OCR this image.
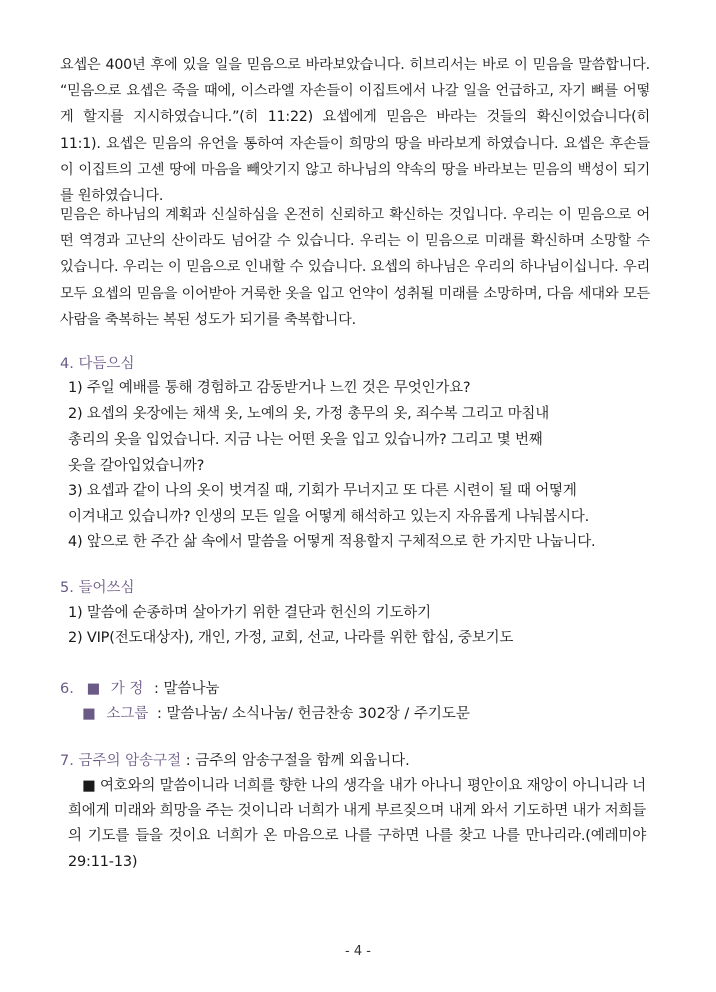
요셉은 400년 후에 있을 일을 믿음으로 바라보았습니다. 히브리서는 바로 이 믿음을 말씀합니다. “믿음으로 요셉은 죽을 때에, 이스라엘 자손들이 이집트에서 나갈 일을 언급하고, 자기 뼈를 어떻게 할지를 지시하였습니다.”(히 11:22) 요셉에게 믿음은 바라는 것들의 확신이었습니다(히 11:1). 요셉은 믿음의 유언을 통하여 자손들이 희망의 땅을 바라보게 하였습니다. 요셉은 후손들이 이집트의 고센 땅에 마음을 빼앗기지 않고 하나님의 약속의 땅을 바라보는 믿음의 백성이 되기를 원하였습니다.
믿음은 하나님의 계획과 신실하심을 온전히 신뢰하고 확신하는 것입니다. 우리는 이 믿음으로 어떤 역경과 고난의 산이라도 넘어갈 수 있습니다. 우리는 이 믿음으로 미래를 확신하며 소망할 수 있습니다. 우리는 이 믿음으로 인내할 수 있습니다. 요셉의 하나님은 우리의 하나님이십니다. 우리 모두 요셉의 믿음을 이어받아 거룩한 옷을 입고 언약이 성취될 미래를 소망하며, 다음 세대와 모든 사람을 축복하는 복된 성도가 되기를 축복합니다.
4. 다듬으심
1) 주일 예배를 통해 경험하고 감동받거나 느낀 것은 무엇인가요?
2) 요셉의 옷장에는 채색 옷, 노예의 옷, 가정 총무의 옷, 죄수복 그리고 마침내
총리의 옷을 입었습니다. 지금 나는 어떤 옷을 입고 있습니까? 그리고 몇 번째
옷을 갈아입었습니까?
3) 요셉과 같이 나의 옷이 벗겨질 때, 기회가 무너지고 또 다른 시련이 될 때 어떻게
이겨내고 있습니까? 인생의 모든 일을 어떻게 해석하고 있는지 자유롭게 나눠봅시다.
4) 앞으로 한 주간 삶 속에서 말씀을 어떻게 적용할지 구체적으로 한 가지만 나눕니다.
5. 들어쓰심
1) 말씀에 순종하며 살아가기 위한 결단과 헌신의 기도하기
2) VIP(전도대상자), 개인, 가정, 교회, 선교, 나라를 위한 합심, 중보기도
6. ■ 가 정 : 말씀나눔
■ 소그룹 : 말씀나눔/ 소식나눔/ 헌금찬송 302장 / 주기도문
7. 금주의 암송구절 : 금주의 암송구절을 함께 외웁니다.
■ 여호와의 말씀이니라 너희를 향한 나의 생각을 내가 아나니 평안이요 재앙이 아니니라 너희에게 미래와 희망을 주는 것이니라 너희가 내게 부르짖으며 내게 와서 기도하면 내가 저희들의 기도를 들을 것이요 너희가 온 마음으로 나를 구하면 나를 찾고 나를 만나리라.(예레미야 29:11-13)
- 4 -
